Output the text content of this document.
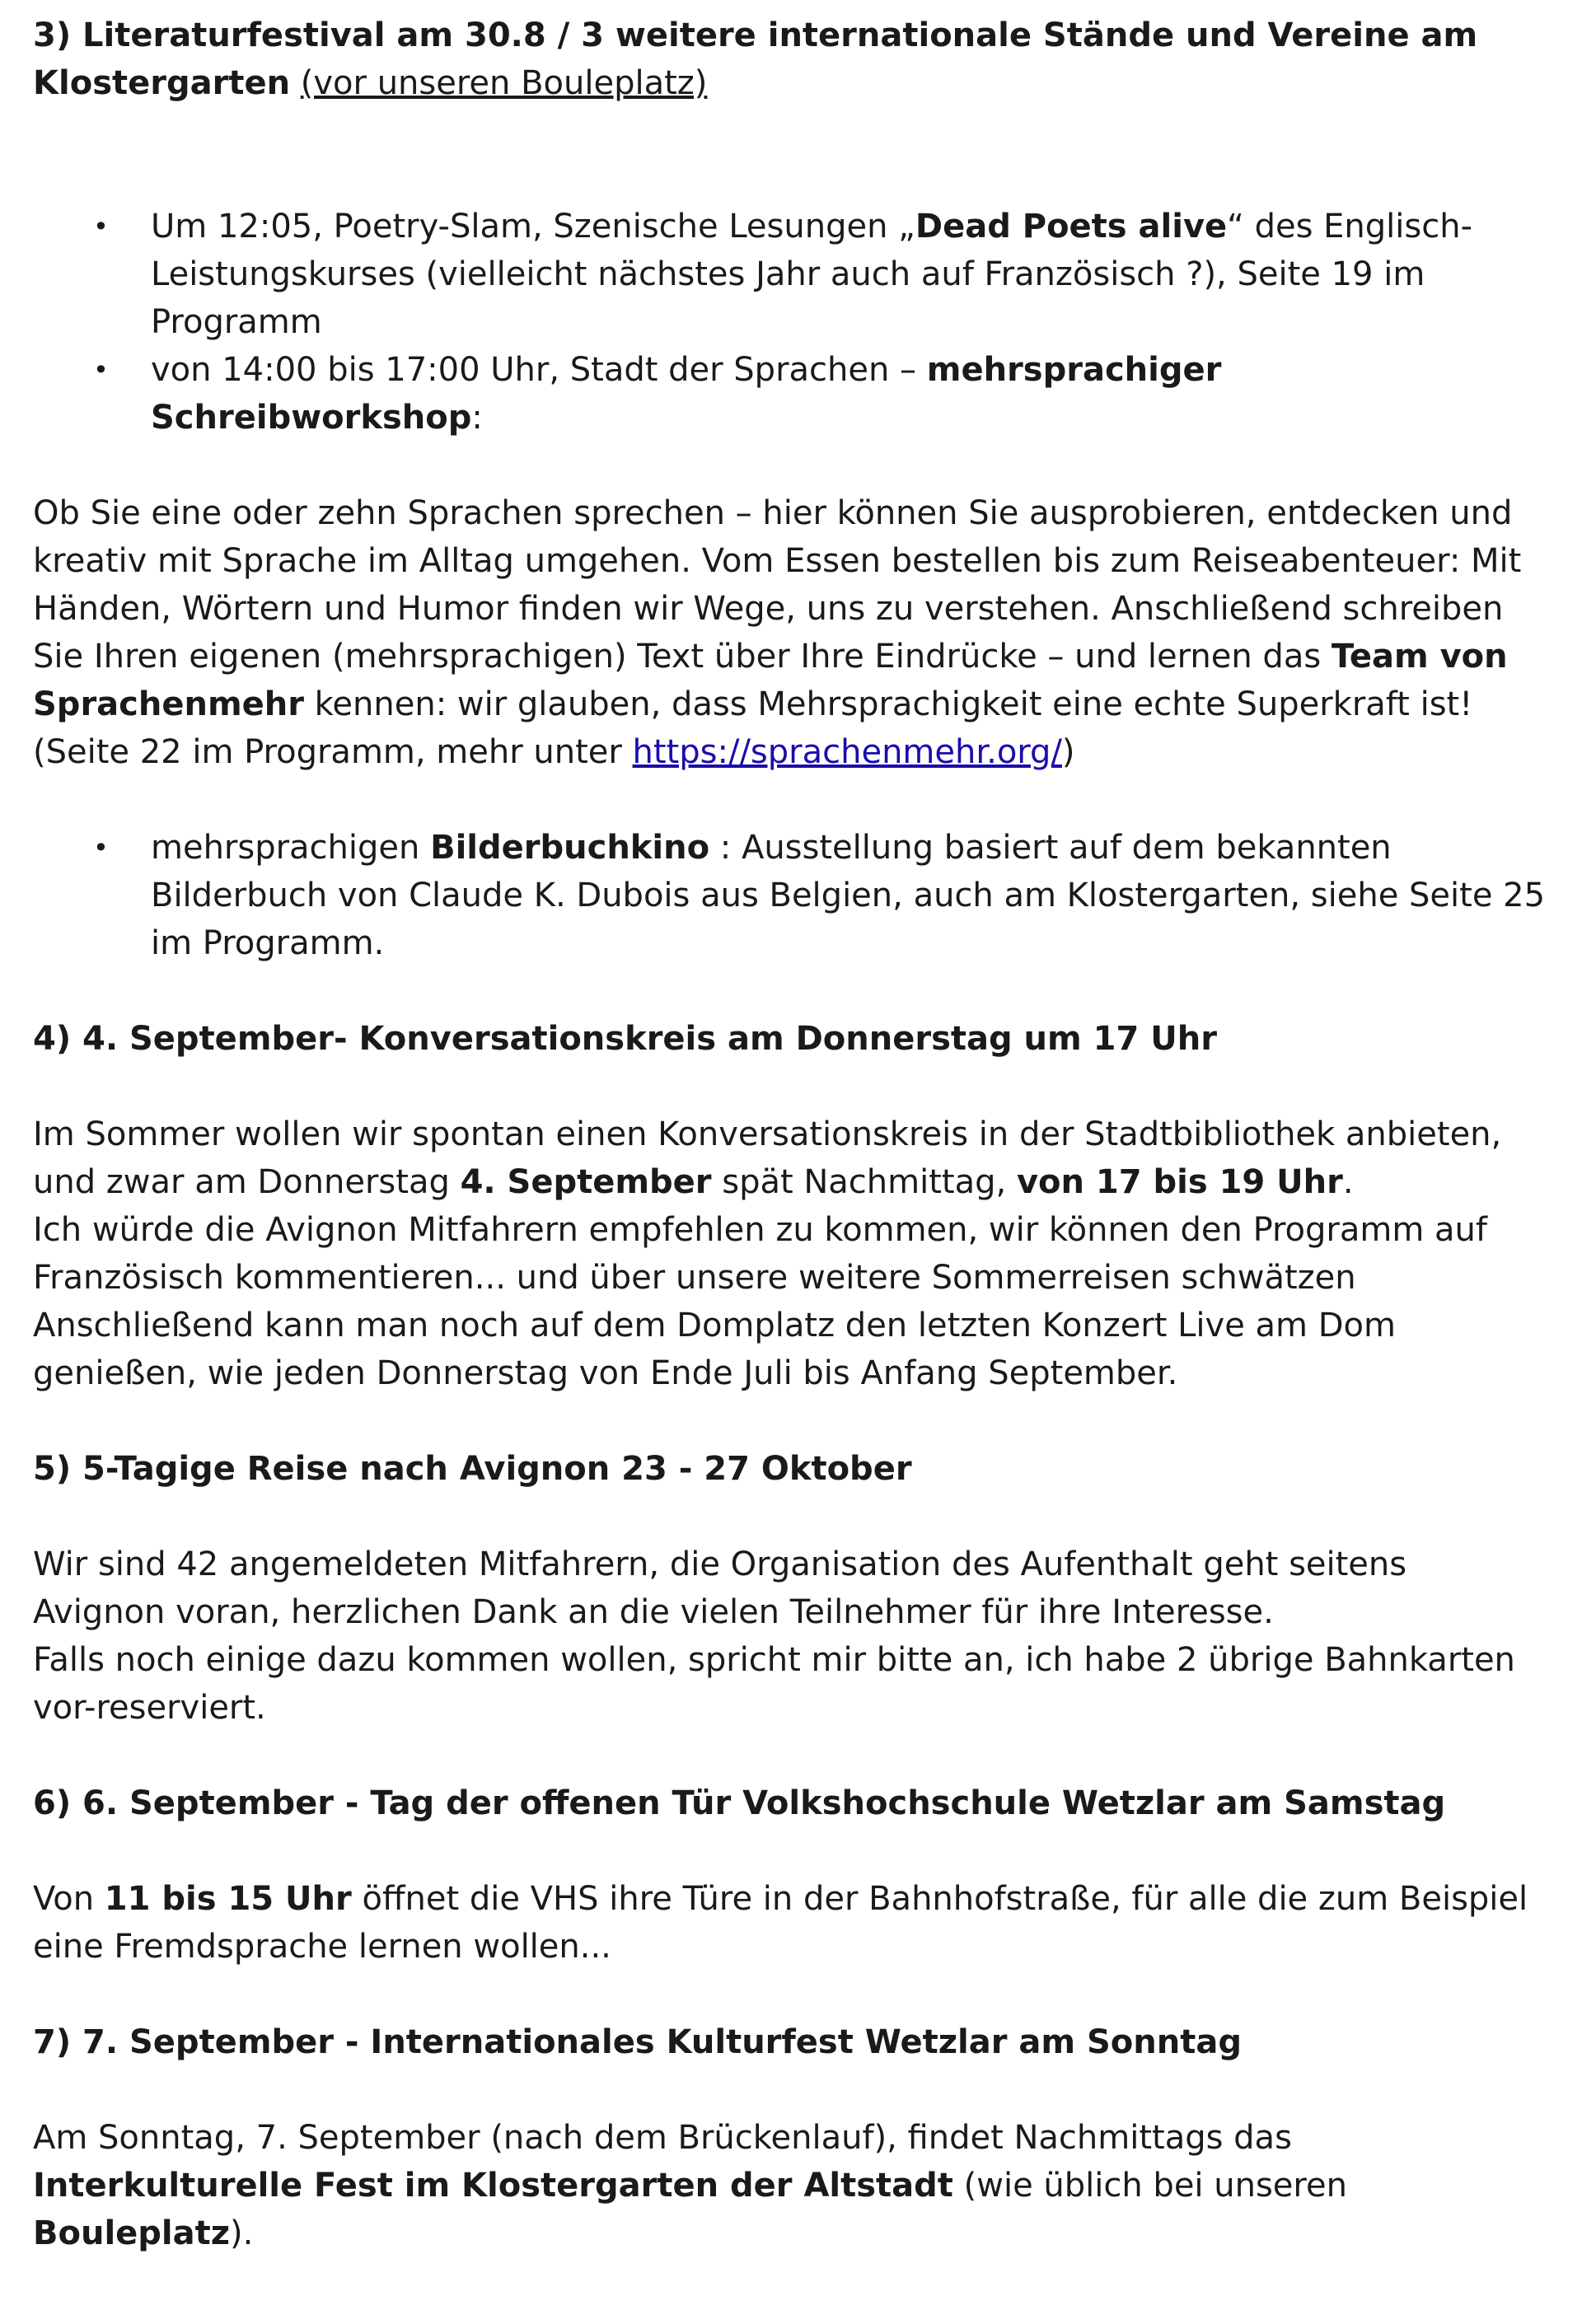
3) Literaturfestival am 30.8 / 3 weitere internationale Stände und Vereine am Klostergarten (vor unseren Bouleplatz)

• Um 12:05, Poetry-Slam, Szenische Lesungen „Dead Poets alive“ des Englisch-Leistungskurses (vielleicht nächstes Jahr auch auf Französisch ?), Seite 19 im Programm
• von 14:00 bis 17:00 Uhr, Stadt der Sprachen – mehrsprachiger Schreibworkshop:

Ob Sie eine oder zehn Sprachen sprechen – hier können Sie ausprobieren, entdecken und kreativ mit Sprache im Alltag umgehen. Vom Essen bestellen bis zum Reiseabenteuer: Mit Händen, Wörtern und Humor finden wir Wege, uns zu verstehen. Anschließend schreiben Sie Ihren eigenen (mehrsprachigen) Text über Ihre Eindrücke – und lernen das Team von Sprachenmehr kennen: wir glauben, dass Mehrsprachigkeit eine echte Superkraft ist! (Seite 22 im Programm, mehr unter https://sprachenmehr.org/)

• mehrsprachigen Bilderbuchkino : Ausstellung basiert auf dem bekannten Bilderbuch von Claude K. Dubois aus Belgien, auch am Klostergarten, siehe Seite 25 im Programm.

4) 4. September- Konversationskreis am Donnerstag um 17 Uhr

Im Sommer wollen wir spontan einen Konversationskreis in der Stadtbibliothek anbieten, und zwar am Donnerstag 4. September spät Nachmittag, von 17 bis 19 Uhr.

Ich würde die Avignon Mitfahrern empfehlen zu kommen, wir können den Programm auf Französisch kommentieren... und über unsere weitere Sommerreisen schwätzen

Anschließend kann man noch auf dem Domplatz den letzten Konzert Live am Dom genießen, wie jeden Donnerstag von Ende Juli bis Anfang September.

5) 5-Tagige Reise nach Avignon 23 - 27 Oktober

Wir sind 42 angemeldeten Mitfahrern, die Organisation des Aufenthalt geht seitens Avignon voran, herzlichen Dank an die vielen Teilnehmer für ihre Interesse.

Falls noch einige dazu kommen wollen, spricht mir bitte an, ich habe 2 übrige Bahnkarten vor-reserviert.

6) 6. September - Tag der offenen Tür Volkshochschule Wetzlar am Samstag

Von 11 bis 15 Uhr öffnet die VHS ihre Türe in der Bahnhofstraße, für alle die zum Beispiel eine Fremdsprache lernen wollen...

7) 7. September - Internationales Kulturfest Wetzlar am Sonntag

Am Sonntag, 7. September (nach dem Brückenlauf), findet Nachmittags das Interkulturelle Fest im Klostergarten der Altstadt (wie üblich bei unseren Bouleplatz).
